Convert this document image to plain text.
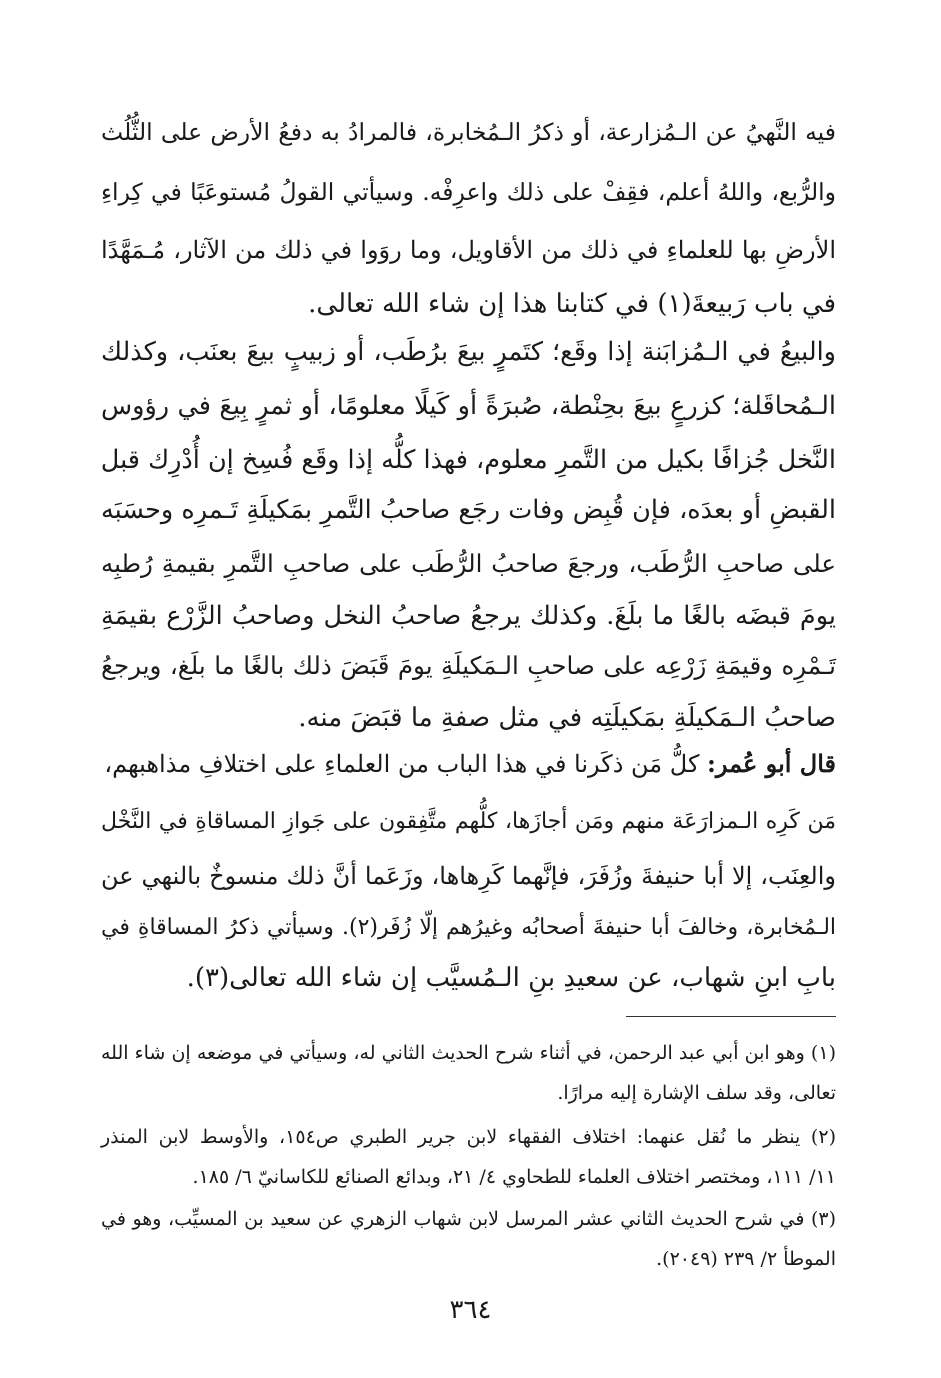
فيه النَّهيُ عن الـمُزارعة، أو ذكرُ الـمُخابرة، فالمرادُ به دفعُ الأرض على الثُّلُث
والرُّبع، واللهُ أعلم، فقِفْ على ذلك واعرِفْه. وسيأتي القولُ مُستوعَبًا في كِراءِ
الأرضِ بها للعلماءِ في ذلك من الأقاويل، وما روَوا في ذلك من الآثار، مُـمَهَّدًا
في باب رَبيعةَ(١) في كتابنا هذا إن شاء الله تعالى.
والبيعُ في الـمُزابَنة إذا وقَع؛ كتَمرٍ بيعَ برُطَب، أو زبيبٍ بيعَ بعنَب، وكذلك
الـمُحاقَلة؛ كزرعٍ بيعَ بحِنْطة، صُبرَةً أو كَيلًا معلومًا، أو ثمرٍ بِيعَ في رؤوس
النَّخل جُزافًا بكيل من التَّمرِ معلوم، فهذا كلُّه إذا وقَع فُسِخ إن أُدْرِك قبل
القبضِ أو بعدَه، فإن قُبِض وفات رجَع صاحبُ التَّمرِ بمَكيلَةِ تَـمرِه وحسَبَه
على صاحبِ الرُّطَب، ورجعَ صاحبُ الرُّطَب على صاحبِ التَّمرِ بقيمةِ رُطبِه
يومَ قبضَه بالغًا ما بلَغَ. وكذلك يرجعُ صاحبُ النخل وصاحبُ الزَّرْع بقيمَةِ
تَـمْرِه وقيمَةِ زَرْعِه على صاحبِ الـمَكيلَةِ يومَ قَبَضَ ذلك بالغًا ما بلَغ، ويرجعُ
صاحبُ الـمَكيلَةِ بمَكيلَتِه في مثل صفةِ ما قبَضَ منه.
قال أبو عُمر: كلُّ مَن ذكَرنا في هذا الباب من العلماءِ على اختلافِ مذاهبهم،
مَن كَرِه الـمزارَعَة منهم ومَن أجازَها، كلُّهم متَّفِقون على جَوازِ المساقاةِ في النَّخْل
والعِنَب، إلا أبا حنيفةَ وزُفَرَ، فإنَّهما كَرِهاها، وزَعَما أنَّ ذلك منسوخٌ بالنهي عن
الـمُخابرة، وخالفَ أبا حنيفةَ أصحابُه وغيرُهم إلّا زُفَر(٢). وسيأتي ذكرُ المساقاةِ في
بابِ ابنِ شهاب، عن سعيدِ بنِ الـمُسيَّب إن شاء الله تعالى(٣).
(١) وهو ابن أبي عبد الرحمن، في أثناء شرح الحديث الثاني له، وسيأتي في موضعه إن شاء الله
تعالى، وقد سلف الإشارة إليه مرارًا.
(٢) ينظر ما نُقل عنهما: اختلاف الفقهاء لابن جرير الطبري ص١٥٤، والأوسط لابن المنذر
١١/ ١١١، ومختصر اختلاف العلماء للطحاوي ٤/ ٢١، وبدائع الصنائع للكاسانيّ ٦/ ١٨٥.
(٣) في شرح الحديث الثاني عشر المرسل لابن شهاب الزهري عن سعيد بن المسيِّب، وهو في
الموطأ ٢/ ٢٣٩ (٢٠٤٩).
٣٦٤
